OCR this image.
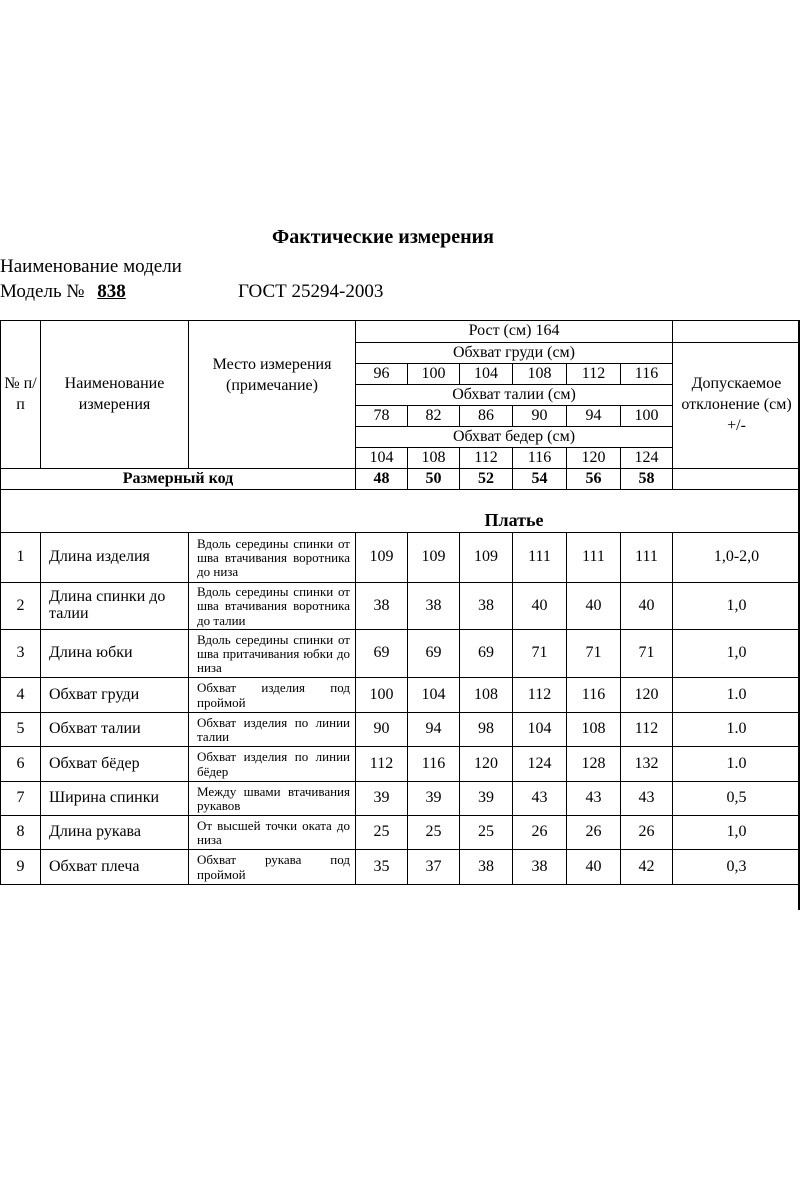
Фактические измерения
Наименование модели
Модель № 838	ГОСТ 25294-2003
№ п/п	Наименование измерения	Место измерения (примечание)	Рост (см) 164						
			Обхват груди (см)						Допускаемое отклонение (см) +/-
			96	100	104	108	112	116	
			Обхват талии (см)						
			78	82	86	90	94	100	
			Обхват бедер (см)						
			104	108	112	116	120	124	
Размерный код			48	50	52	54	56	58	
			Платье						
1	Длина изделия	Вдоль середины спинки от шва втачивания воротника до низа	109	109	109	111	111	111	1,0-2,0
2	Длина спинки до талии	Вдоль середины спинки от шва втачивания воротника до талии	38	38	38	40	40	40	1,0
3	Длина юбки	Вдоль середины спинки от шва притачивания юбки до низа	69	69	69	71	71	71	1,0
4	Обхват груди	Обхват изделия под проймой	100	104	108	112	116	120	1.0
5	Обхват талии	Обхват изделия по линии талии	90	94	98	104	108	112	1.0
6	Обхват бёдер	Обхват изделия по линии бёдер	112	116	120	124	128	132	1.0
7	Ширина спинки	Между швами втачивания рукавов	39	39	39	43	43	43	0,5
8	Длина рукава	От высшей точки оката до низа	25	25	25	26	26	26	1,0
9	Обхват плеча	Обхват рукава под проймой	35	37	38	38	40	42	0,3
